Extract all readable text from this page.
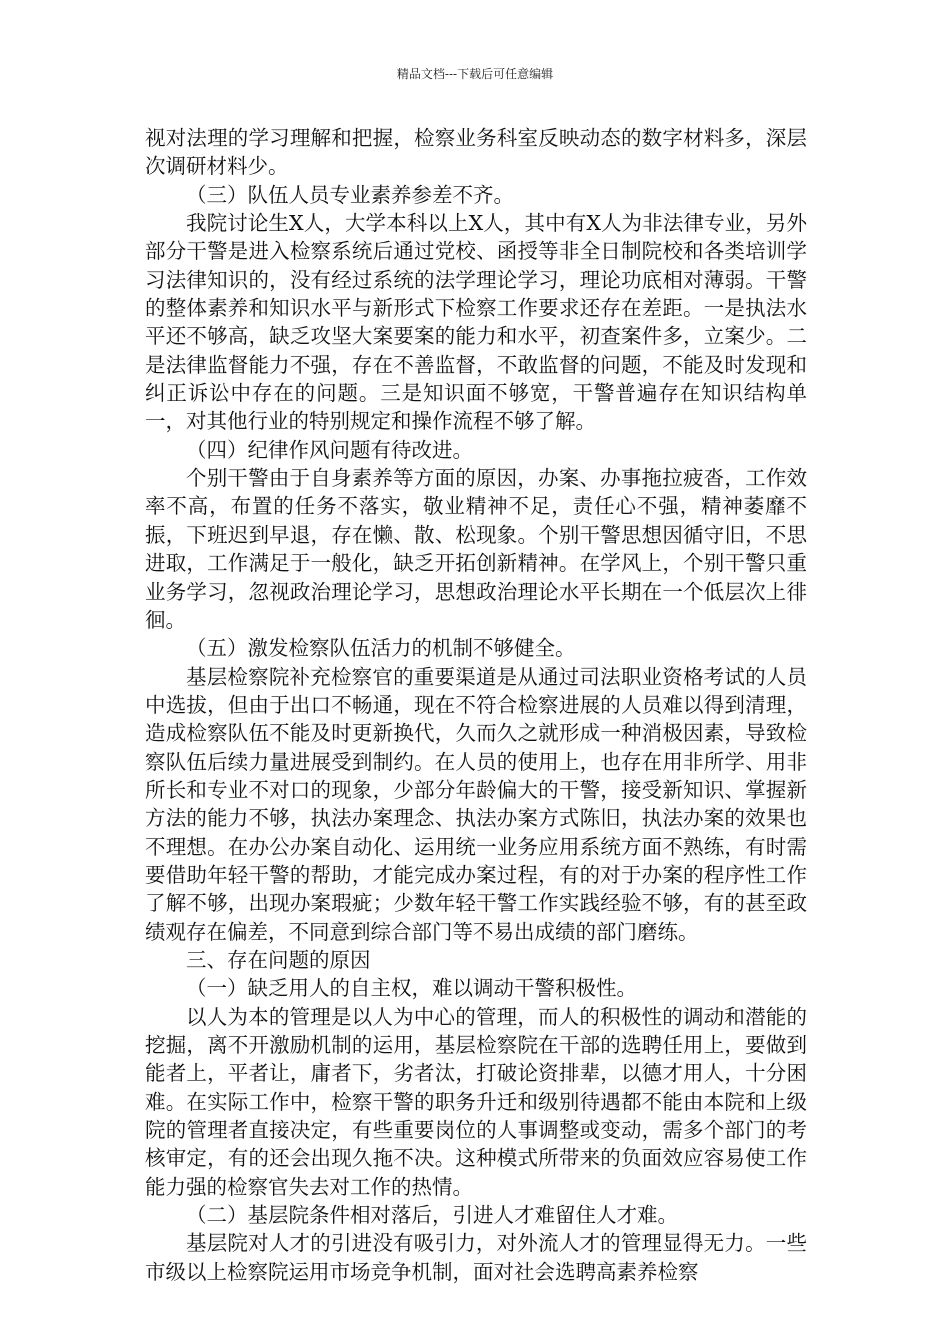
精品文档---下载后可任意编辑

视对法理的学习理解和把握，检察业务科室反映动态的数字材料多，深层次调研材料少。

（三）队伍人员专业素养参差不齐。

我院讨论生X人，大学本科以上X人，其中有X人为非法律专业，另外部分干警是进入检察系统后通过党校、函授等非全日制院校和各类培训学习法律知识的，没有经过系统的法学理论学习，理论功底相对薄弱。干警的整体素养和知识水平与新形式下检察工作要求还存在差距。一是执法水平还不够高，缺乏攻坚大案要案的能力和水平，初查案件多，立案少。二是法律监督能力不强，存在不善监督，不敢监督的问题，不能及时发现和纠正诉讼中存在的问题。三是知识面不够宽，干警普遍存在知识结构单一，对其他行业的特别规定和操作流程不够了解。

（四）纪律作风问题有待改进。

个别干警由于自身素养等方面的原因，办案、办事拖拉疲沓，工作效率不高，布置的任务不落实，敬业精神不足，责任心不强，精神萎靡不振，下班迟到早退，存在懒、散、松现象。个别干警思想因循守旧，不思进取，工作满足于一般化，缺乏开拓创新精神。在学风上，个别干警只重业务学习，忽视政治理论学习，思想政治理论水平长期在一个低层次上徘徊。

（五）激发检察队伍活力的机制不够健全。

基层检察院补充检察官的重要渠道是从通过司法职业资格考试的人员中选拔，但由于出口不畅通，现在不符合检察进展的人员难以得到清理，造成检察队伍不能及时更新换代，久而久之就形成一种消极因素，导致检察队伍后续力量进展受到制约。在人员的使用上，也存在用非所学、用非所长和专业不对口的现象，少部分年龄偏大的干警，接受新知识、掌握新方法的能力不够，执法办案理念、执法办案方式陈旧，执法办案的效果也不理想。在办公办案自动化、运用统一业务应用系统方面不熟练，有时需要借助年轻干警的帮助，才能完成办案过程，有的对于办案的程序性工作了解不够，出现办案瑕疵；少数年轻干警工作实践经验不够，有的甚至政绩观存在偏差，不同意到综合部门等不易出成绩的部门磨练。

三、存在问题的原因

（一）缺乏用人的自主权，难以调动干警积极性。

以人为本的管理是以人为中心的管理，而人的积极性的调动和潜能的挖掘，离不开激励机制的运用，基层检察院在干部的选聘任用上，要做到能者上，平者让，庸者下，劣者汰，打破论资排辈，以德才用人，十分困难。在实际工作中，检察干警的职务升迁和级别待遇都不能由本院和上级院的管理者直接决定，有些重要岗位的人事调整或变动，需多个部门的考核审定，有的还会出现久拖不决。这种模式所带来的负面效应容易使工作能力强的检察官失去对工作的热情。

（二）基层院条件相对落后，引进人才难留住人才难。

基层院对人才的引进没有吸引力，对外流人才的管理显得无力。一些市级以上检察院运用市场竞争机制，面对社会选聘高素养检察
